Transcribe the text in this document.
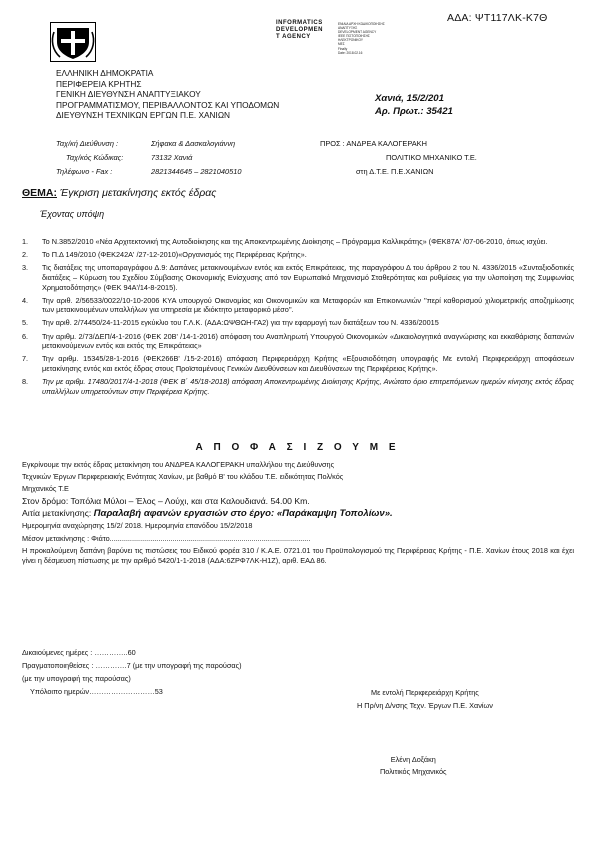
ΑΔΑ: ΨΤ117ΛΚ-Κ7Θ
INFORMATICS
DEVELOPMEN
T AGENCY
ΕΝΙΑΙΑ ΑΡΧΗ ΚΩΔΙΚΟΠΟΙΗΣΗΣ
ΑΝΑΠΤΥΞΗΣ
DEVELOPMENT AGENCY
ΙΕΕΕ ΠΙΣΤΟΠΟΙΗΣΗΣ
ΗΛΕΚΤΡΟΝΙΚΟΥ
ΜΕΣ
Finally
Date: 2018.02.16
ΕΛΛΗΝΙΚΗ ΔΗΜΟΚΡΑΤΙΑ
ΠΕΡΙΦΕΡΕΙΑ ΚΡΗΤΗΣ
ΓΕΝΙΚΗ ΔΙΕΥΘΥΝΣΗ ΑΝΑΠΤΥΞΙΑΚΟΥ
ΠΡΟΓΡΑΜΜΑΤΙΣΜΟΥ, ΠΕΡΙΒΑΛΛΟΝΤΟΣ ΚΑΙ ΥΠΟΔΟΜΩΝ
ΔΙΕΥΘΥΝΣΗ ΤΕΧΝΙΚΩΝ ΕΡΓΩΝ Π.Ε. ΧΑΝΙΩΝ
Χανιά, 15/2/201
Αρ. Πρωτ.: 35421
Ταχ/κή Διεύθυνση :	Σήφακα & Δασκαλογιάννη
Ταχ/κός Κώδικας:	73132 Χανιά
Τηλέφωνο - Fax :	2821344645 – 2821040510
ΠΡΟΣ : ΑΝΔΡΕΑ ΚΑΛΟΓΕΡΑΚΗ
ΠΟΛΙΤΙΚΟ ΜΗΧΑΝΙΚΟ Τ.Ε.
στη Δ.Τ.Ε. Π.Ε.ΧΑΝΙΩΝ
ΘΕΜΑ: Έγκριση μετακίνησης εκτός έδρας
Έχοντας υπόψη
1.	Το Ν.3852/2010 «Νέα Αρχιτεκτονική της Αυτοδιοίκησης και της Αποκεντρωμένης Διοίκησης – Πρόγραμμα Καλλικράτης» (ΦΕΚ87Α' /07-06-2010, όπως ισχύει.
2.	Το Π.Δ 149/2010 (ΦΕΚ242Α' /27-12-2010)«Οργανισμός της Περιφέρειας Κρήτης».
3.	Τις διατάξεις της υποπαραγράφου Δ.9: Δαπάνες μετακινουμένων εντός και εκτός Επικράτειας, της παραγράφου Δ του άρθρου 2 του Ν. 4336/2015 «Συνταξιοδοτικές διατάξεις – Κύρωση του Σχεδίου Σύμβασης Οικονομικής Ενίσχυσης από τον Ευρωπαϊκό Μηχανισμό Σταθερότητας και ρυθμίσεις για την υλοποίηση της Συμφωνίας Χρηματοδότησης» (ΦΕΚ 94Α'/14-8-2015).
4.	Την αριθ. 2/56533/0022/10-10-2006 ΚΥΑ υπουργού Οικονομίας και Οικονομικών και Μεταφορών και Επικοινωνιών ''περί καθορισμού χιλιομετρικής αποζημίωσης των μετακινουμένων υπαλλήλων για υπηρεσία με ιδιόκτητο μεταφορικό μέσο''.
5.	Την αριθ. 2/74450/24-11-2015 εγκύκλιο του Γ.Λ.Κ. (ΑΔΑ:ΩΨΘΩΗ-ΓΑ2) για την εφαρμογή των διατάξεων του Ν. 4336/20015
6.	Την αριθμ. 2/73/ΔΕΠ/4-1-2016 (ΦΕΚ 20Β' /14-1-2016) απόφαση του Αναπληρωτή Υπουργού Οικονομικών «Δικαιολογητικά αναγνώρισης και εκκαθάρισης δαπανών μετακινούμενων εντός και εκτός της Επικράτειας»
7.	Την αριθμ. 15345/28-1-2016 (ΦΕΚ266Β' /15-2-2016) απόφαση Περιφερειάρχη Κρήτης «Εξουσιοδότηση υπογραφής Με εντολή Περιφερειάρχη αποφάσεων μετακίνησης εντός και εκτός έδρας στους Προϊσταμένους Γενικών Διευθύνσεων και Διευθύνσεων της Περιφέρειας Κρήτης».
8.	Την με αριθμ. 17480/2017/4-1-2018 (ΦΕΚ Β΄ 45/18-2018) απόφαση Αποκεντρωμένης Διοίκησης Κρήτης, Ανώτατο όριο επιτρεπόμενων ημερών κίνησης εκτός έδρας υπαλλήλων υπηρετούντων στην Περιφέρεια Κρήτης.
Α Π Ο Φ Α Σ Ι Ζ Ο Υ Μ Ε
Εγκρίνουμε την εκτός έδρας μετακίνηση του ΑΝΔΡΕΑ ΚΑΛΟΓΕΡΑΚΗ υπαλλήλου της Διεύθυνσης
Τεχνικών Έργων Περιφερειακής Ενότητας Χανίων, με βαθμό Β' του κλάδου Τ.Ε. ειδικότητας Πολ/κός
Μηχανικός Τ.Ε
Στον δρόμο: Τοπόλια Μύλοι – Έλος – Λούχι, και στα Καλουδιανά. 54.00 Km.
Αιτία μετακίνησης: Παραλαβή αφανών εργασιών στο έργο: «Παράκαμψη Τοπολίων».
Ημερομηνία αναχώρησης 15/2/ 2018. Ημερομηνία επανόδου 15/2/2018
Μέσον μετακίνησης : Φιάτο...................................................................................................
Η προκαλούμενη δαπάνη βαρύνει τις πιστώσεις του Ειδικού φορέα 310 / Κ.Α.Ε. 0721.01 του Προϋπολογισμού της Περιφέρειας Κρήτης - Π.Ε. Χανίων έτους 2018 και έχει γίνει η δέσμευση πίστωσης με την αριθμό 5420/1-1-2018 (ΑΔΑ:6ΖΡΦ7ΛΚ-Η1Ζ), αριθ. ΕΑΔ 86.
Δικαιούμενες ημέρες : …………..60
Πραγματοποιηθείσες : ………….7 (με την υπογραφή της παρούσας)
(με την υπογραφή της παρούσας)
Υπόλοιπο ημερών………………………53	Με εντολή Περιφερειάρχη Κρήτης
Η Πρ/νη Δ/νσης Τεχν. Έργων Π.Ε. Χανίων
Ελένη Δοξάκη
Πολιτικός Μηχανικός
